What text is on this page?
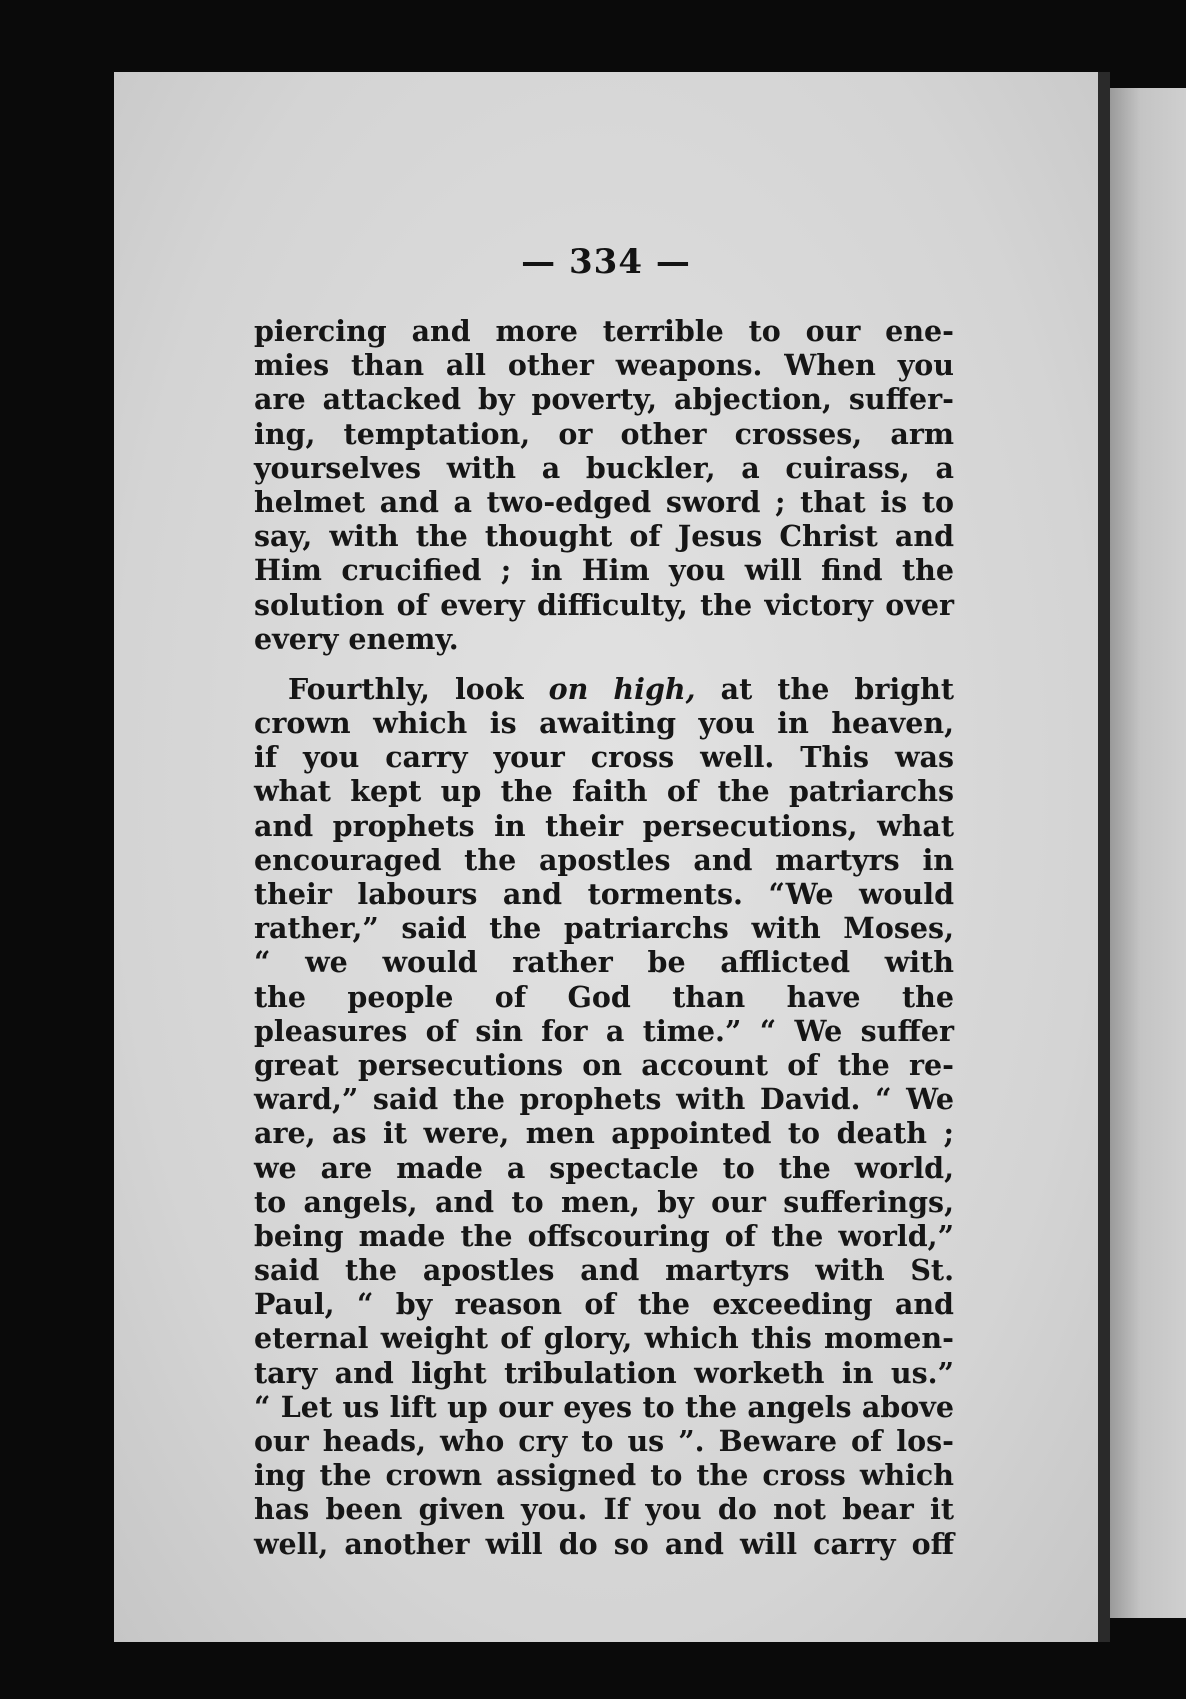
— 334 —
piercing and more terrible to our ene-
mies than all other weapons. When you
are attacked by poverty, abjection, suffer-
ing, temptation, or other crosses, arm
yourselves with a buckler, a cuirass, a
helmet and a two-edged sword ; that is to
say, with the thought of Jesus Christ and
Him crucified ; in Him you will find the
solution of every difficulty, the victory over
every enemy.
Fourthly, look on high, at the bright
crown which is awaiting you in heaven,
if you carry your cross well. This was
what kept up the faith of the patriarchs
and prophets in their persecutions, what
encouraged the apostles and martyrs in
their labours and torments. “We would
rather,” said the patriarchs with Moses,
“ we would rather be afflicted with
the people of God than have the
pleasures of sin for a time.” “ We suffer
great persecutions on account of the re-
ward,” said the prophets with David. “ We
are, as it were, men appointed to death ;
we are made a spectacle to the world,
to angels, and to men, by our sufferings,
being made the offscouring of the world,”
said the apostles and martyrs with St.
Paul, “ by reason of the exceeding and
eternal weight of glory, which this momen-
tary and light tribulation worketh in us.”
“ Let us lift up our eyes to the angels above
our heads, who cry to us ”. Beware of los-
ing the crown assigned to the cross which
has been given you. If you do not bear it
well, another will do so and will carry off
